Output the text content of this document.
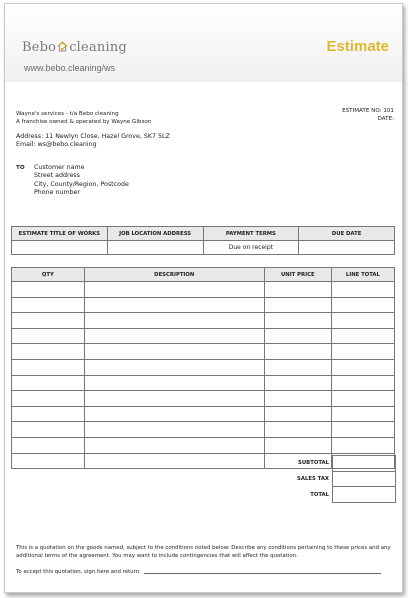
Bebo cleaning
www.bebo.cleaning/ws
Estimate
Wayne's services - t/a Bebo cleaning
A franchise owned & operated by Wayne Gibson
ESTIMATE NO: 101
DATE:
Address: 11 Newlyn Close, Hazel Grove, SK7 5LZ
Email: ws@bebo.cleaning
TO Customer name
Street address
City, County/Region, Postcode
Phone number
ESTIMATE TITLE OF WORKS	JOB LOCATION ADDRESS	PAYMENT TERMS	DUE DATE
		Due on receipt	
QTY	DESCRIPTION	UNIT PRICE	LINE TOTAL

SUBTOTAL
SALES TAX
TOTAL
This is a quotation on the goods named, subject to the conditions noted below: Describe any conditions pertaining to these prices and any additional terms of the agreement. You may want to include contingencies that will affect the quotation.
To accept this quotation, sign here and return:
